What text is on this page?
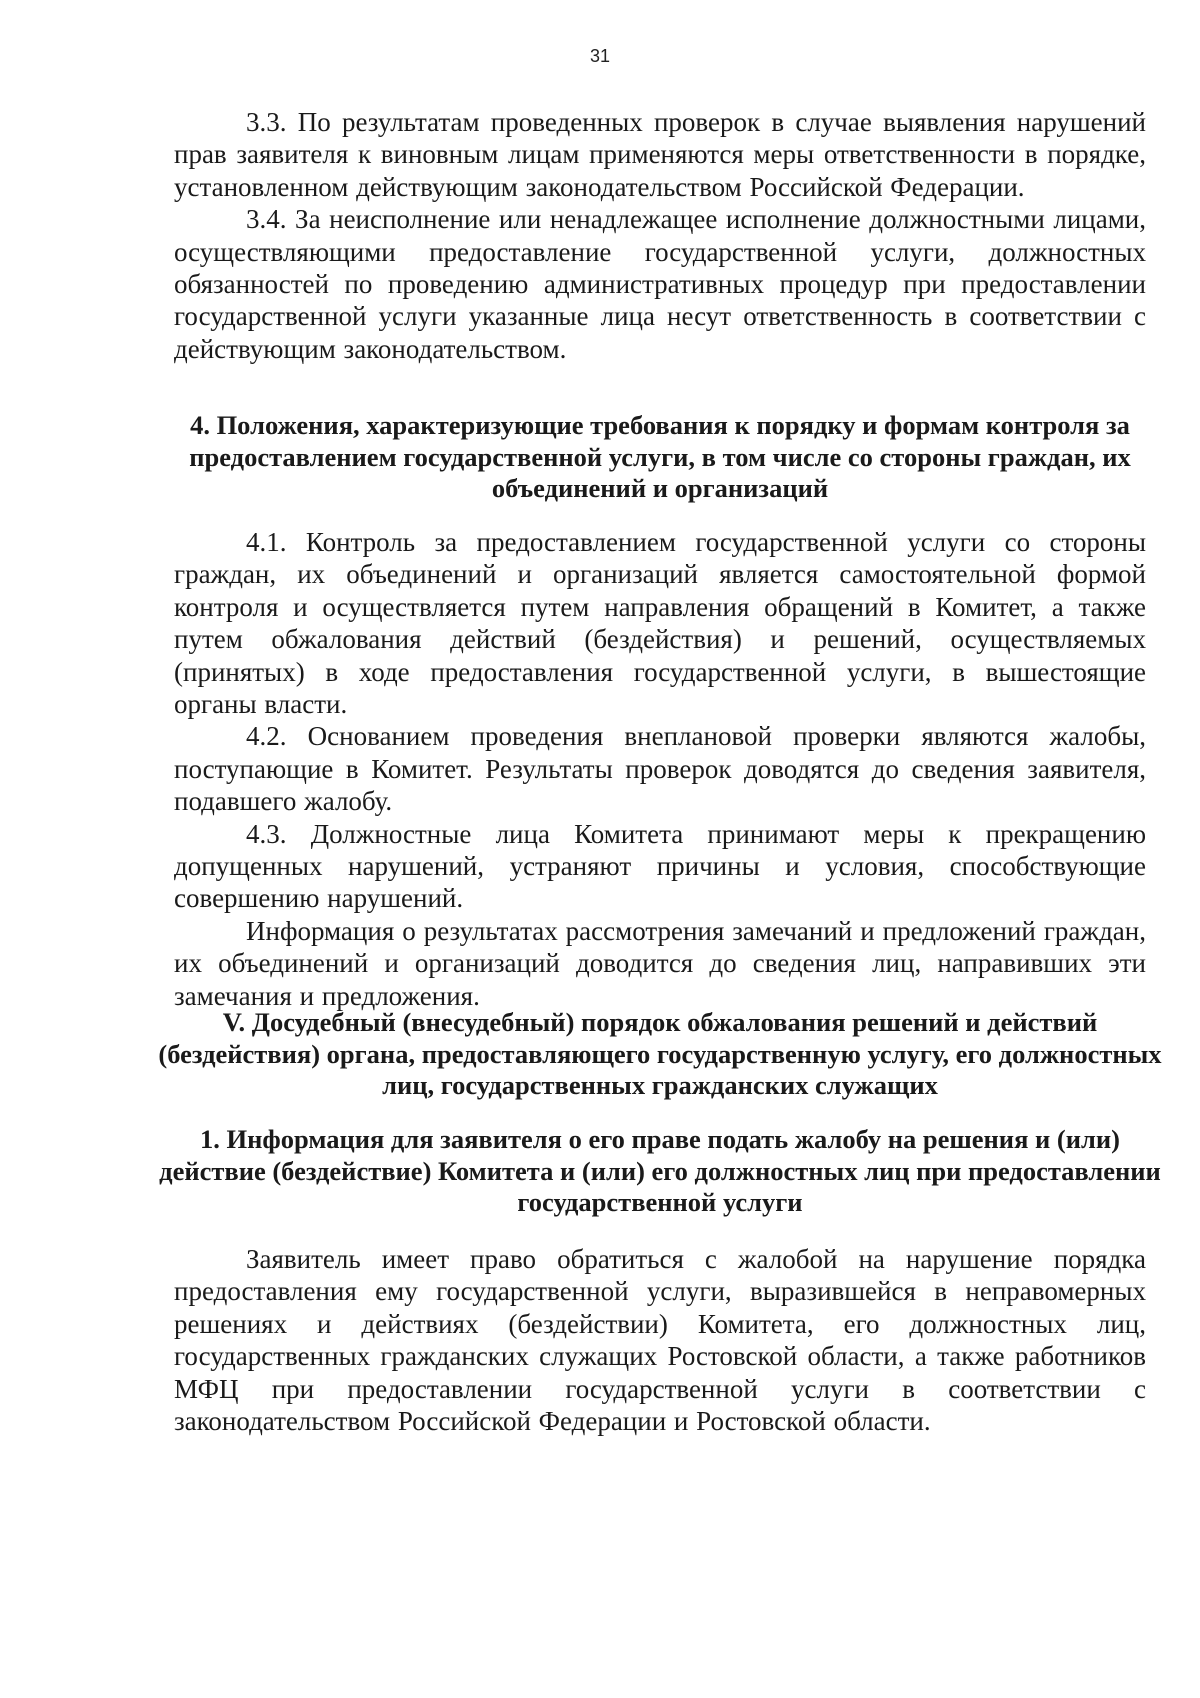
31

3.3. По результатам проведенных проверок в случае выявления нарушений прав заявителя к виновным лицам применяются меры ответственности в порядке, установленном действующим законодательством Российской Федерации.

3.4. За неисполнение или ненадлежащее исполнение должностными лицами, осуществляющими предоставление государственной услуги, должностных обязанностей по проведению административных процедур при предоставлении государственной услуги указанные лица несут ответственность в соответствии с действующим законодательством.

4. Положения, характеризующие требования к порядку и формам контроля за предоставлением государственной услуги, в том числе со стороны граждан, их объединений и организаций

4.1. Контроль за предоставлением государственной услуги со стороны граждан, их объединений и организаций является самостоятельной формой контроля и осуществляется путем направления обращений в Комитет, а также путем обжалования действий (бездействия) и решений, осуществляемых (принятых) в ходе предоставления государственной услуги, в вышестоящие органы власти.

4.2. Основанием проведения внеплановой проверки являются жалобы, поступающие в Комитет. Результаты проверок доводятся до сведения заявителя, подавшего жалобу.

4.3. Должностные лица Комитета принимают меры к прекращению допущенных нарушений, устраняют причины и условия, способствующие совершению нарушений.

Информация о результатах рассмотрения замечаний и предложений граждан, их объединений и организаций доводится до сведения лиц, направивших эти замечания и предложения.

V. Досудебный (внесудебный) порядок обжалования решений и действий (бездействия) органа, предоставляющего государственную услугу, его должностных лиц, государственных гражданских служащих
1. Информация для заявителя о его праве подать жалобу на решения и (или) действие (бездействие) Комитета и (или) его должностных лиц при предоставлении государственной услуги

Заявитель имеет право обратиться с жалобой на нарушение порядка предоставления ему государственной услуги, выразившейся в неправомерных решениях и действиях (бездействии) Комитета, его должностных лиц, государственных гражданских служащих Ростовской области, а также работников МФЦ при предоставлении государственной услуги в соответствии с законодательством Российской Федерации и Ростовской области.
